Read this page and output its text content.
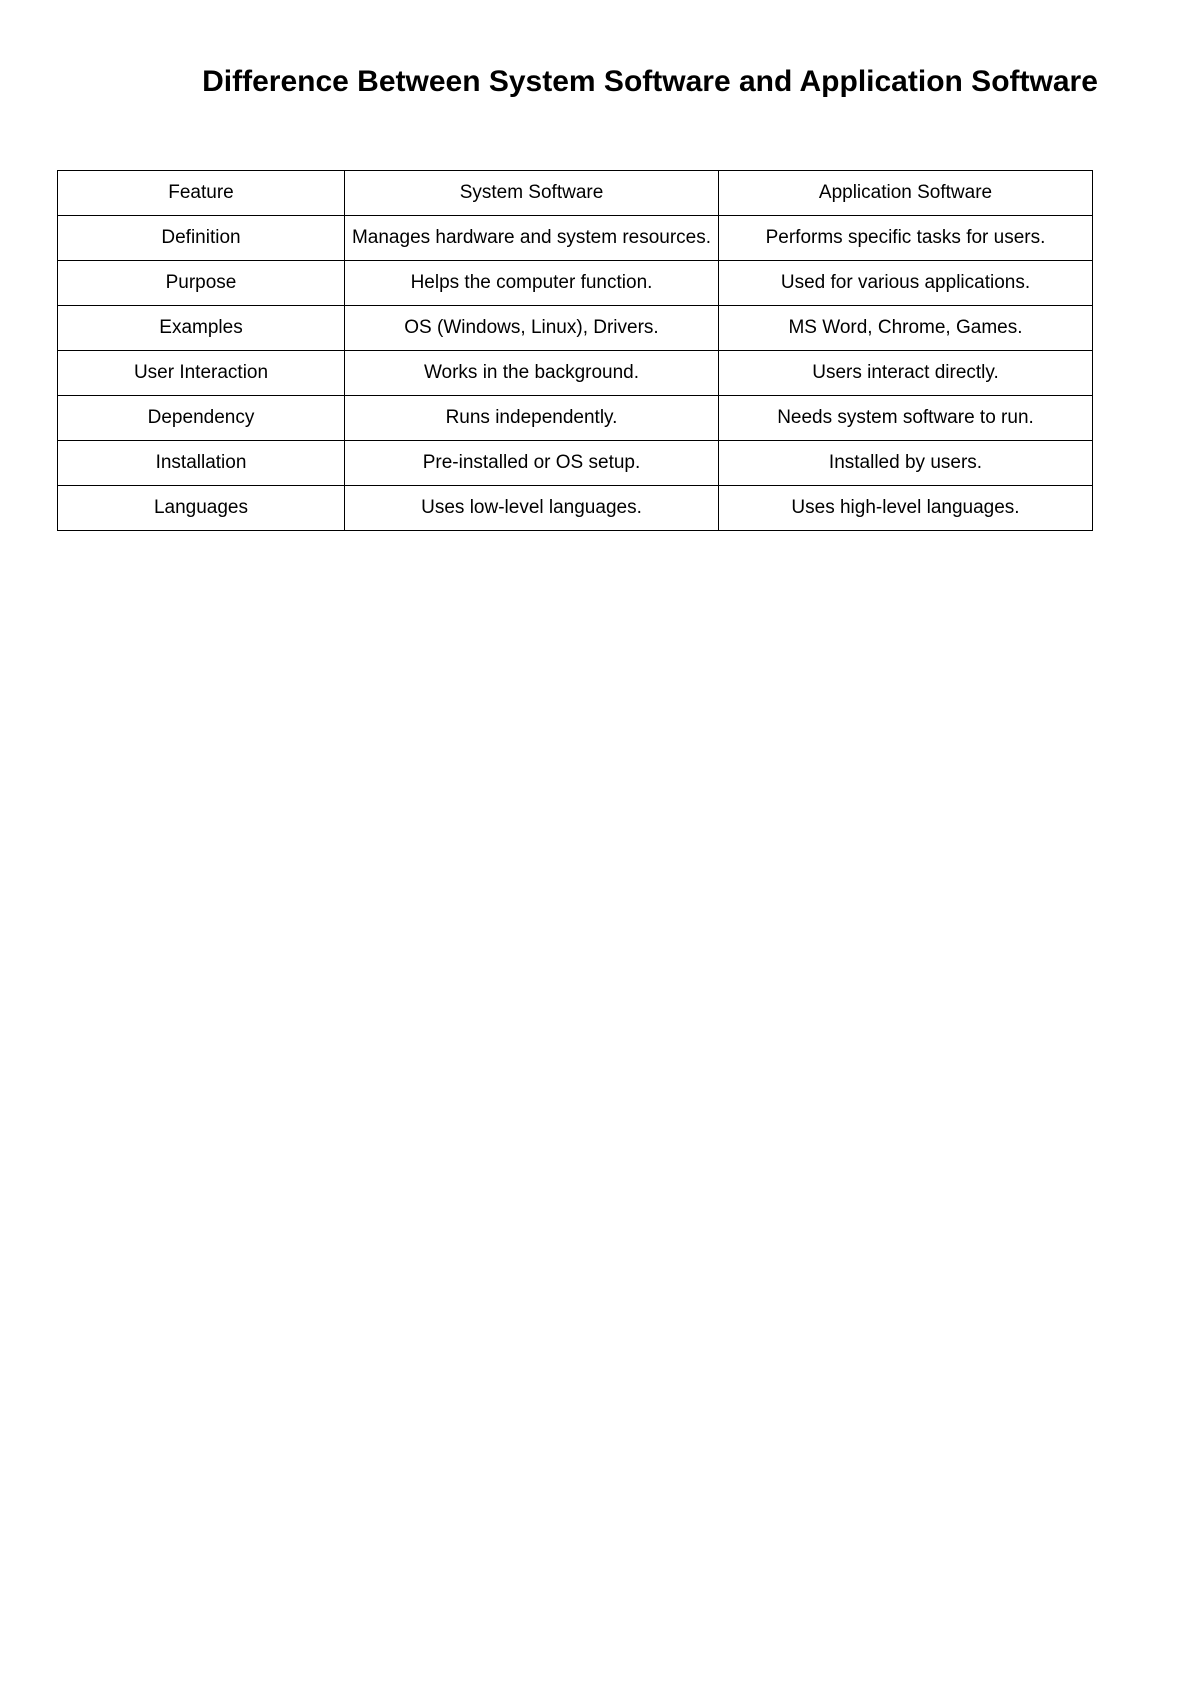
Difference Between System Software and Application Software
Feature	System Software	Application Software
Definition	Manages hardware and system resources.	Performs specific tasks for users.
Purpose	Helps the computer function.	Used for various applications.
Examples	OS (Windows, Linux), Drivers.	MS Word, Chrome, Games.
User Interaction	Works in the background.	Users interact directly.
Dependency	Runs independently.	Needs system software to run.
Installation	Pre-installed or OS setup.	Installed by users.
Languages	Uses low-level languages.	Uses high-level languages.
